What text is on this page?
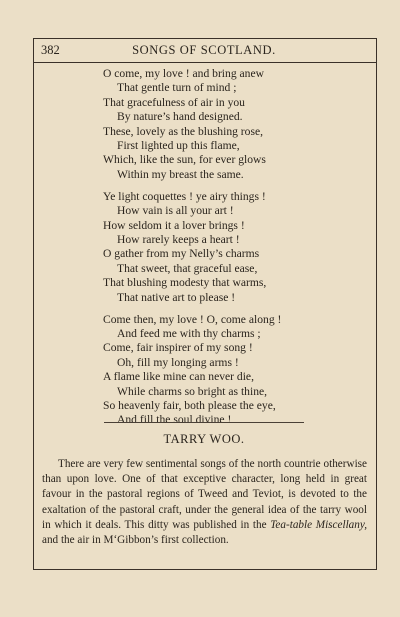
382	SONGS OF SCOTLAND.
O come, my love ! and bring anew
That gentle turn of mind ;
That gracefulness of air in you
By nature’s hand designed.
These, lovely as the blushing rose,
First lighted up this flame,
Which, like the sun, for ever glows
Within my breast the same.
Ye light coquettes ! ye airy things !
How vain is all your art !
How seldom it a lover brings !
How rarely keeps a heart !
O gather from my Nelly’s charms
That sweet, that graceful ease,
That blushing modesty that warms,
That native art to please !
Come then, my love ! O, come along !
And feed me with thy charms ;
Come, fair inspirer of my song !
Oh, fill my longing arms !
A flame like mine can never die,
While charms so bright as thine,
So heavenly fair, both please the eye,
And fill the soul divine !
TARRY WOO.

There are very few sentimental songs of the north countrie otherwise than upon love. One of that exceptive character, long held in great favour in the pastoral regions of Tweed and Teviot, is devoted to the exaltation of the pastoral craft, under the general idea of the tarry wool in which it deals. This ditty was published in the Tea-table Miscellany, and the air in M‘Gibbon’s first collection.
